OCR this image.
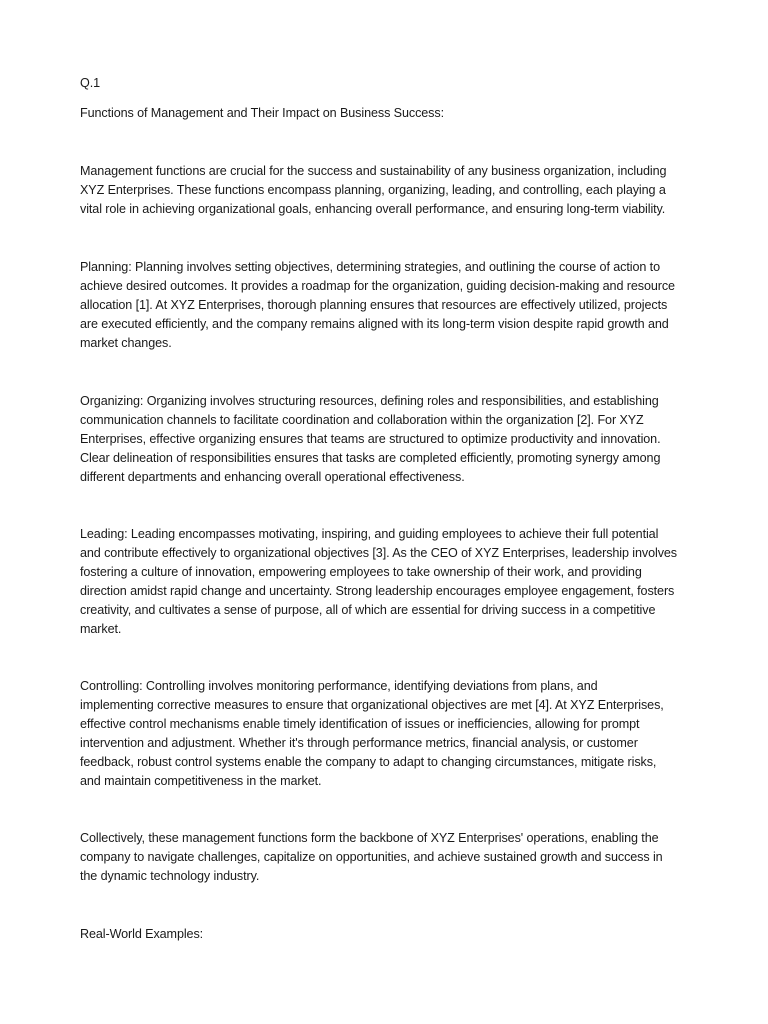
Q.1
Functions of Management and Their Impact on Business Success:
Management functions are crucial for the success and sustainability of any business organization, including
XYZ Enterprises. These functions encompass planning, organizing, leading, and controlling, each playing a
vital role in achieving organizational goals, enhancing overall performance, and ensuring long-term viability.
Planning: Planning involves setting objectives, determining strategies, and outlining the course of action to
achieve desired outcomes. It provides a roadmap for the organization, guiding decision-making and resource
allocation [1]. At XYZ Enterprises, thorough planning ensures that resources are effectively utilized, projects
are executed efficiently, and the company remains aligned with its long-term vision despite rapid growth and
market changes.
Organizing: Organizing involves structuring resources, defining roles and responsibilities, and establishing
communication channels to facilitate coordination and collaboration within the organization [2]. For XYZ
Enterprises, effective organizing ensures that teams are structured to optimize productivity and innovation.
Clear delineation of responsibilities ensures that tasks are completed efficiently, promoting synergy among
different departments and enhancing overall operational effectiveness.
Leading: Leading encompasses motivating, inspiring, and guiding employees to achieve their full potential
and contribute effectively to organizational objectives [3]. As the CEO of XYZ Enterprises, leadership involves
fostering a culture of innovation, empowering employees to take ownership of their work, and providing
direction amidst rapid change and uncertainty. Strong leadership encourages employee engagement, fosters
creativity, and cultivates a sense of purpose, all of which are essential for driving success in a competitive
market.
Controlling: Controlling involves monitoring performance, identifying deviations from plans, and
implementing corrective measures to ensure that organizational objectives are met [4]. At XYZ Enterprises,
effective control mechanisms enable timely identification of issues or inefficiencies, allowing for prompt
intervention and adjustment. Whether it's through performance metrics, financial analysis, or customer
feedback, robust control systems enable the company to adapt to changing circumstances, mitigate risks,
and maintain competitiveness in the market.
Collectively, these management functions form the backbone of XYZ Enterprises' operations, enabling the
company to navigate challenges, capitalize on opportunities, and achieve sustained growth and success in
the dynamic technology industry.
Real-World Examples:
